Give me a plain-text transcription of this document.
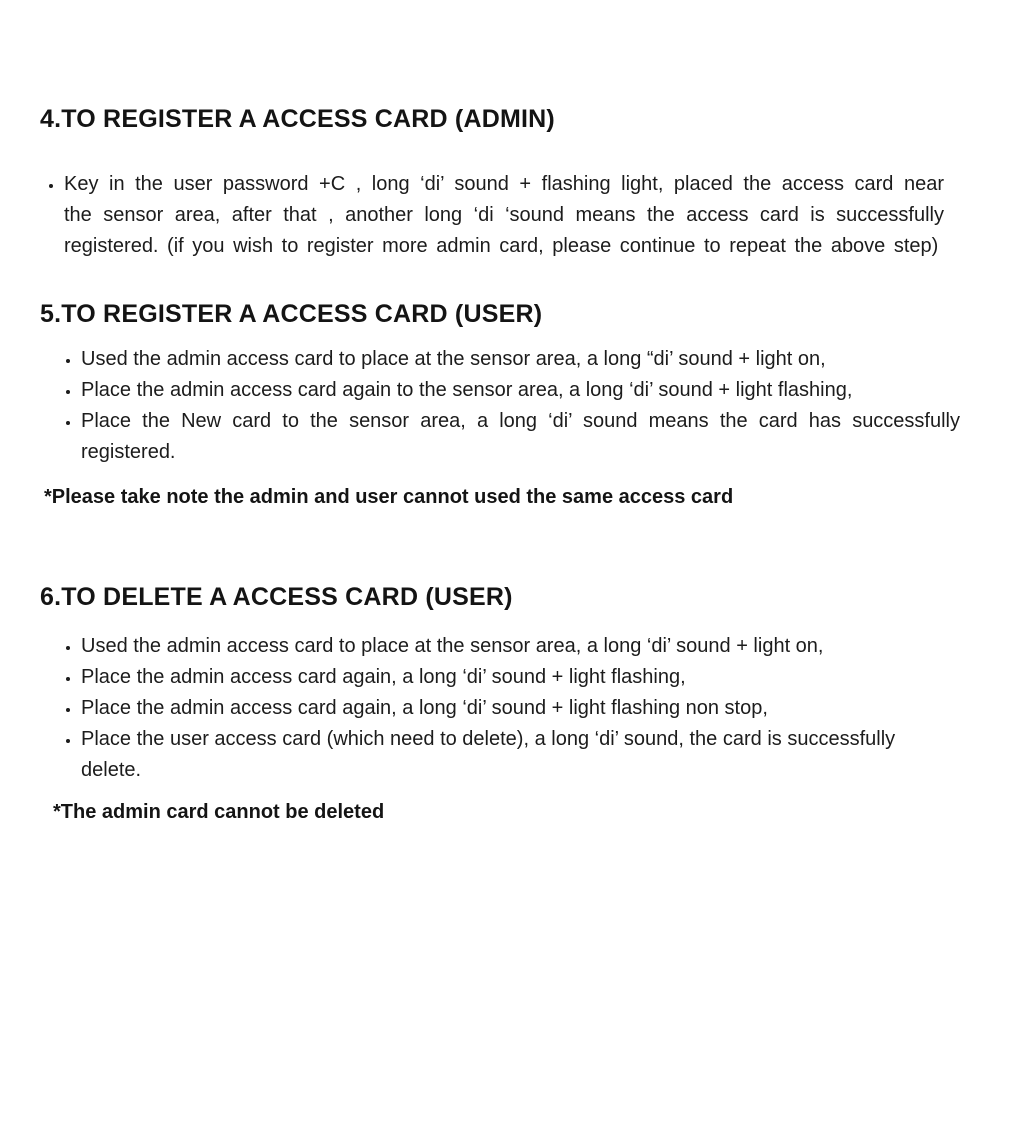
4.TO REGISTER A ACCESS CARD (ADMIN)
• Key in the user password +C , long ‘di’ sound + flashing light, placed the access card near the sensor area, after that , another long ‘di ‘sound means the access card is successfully registered. (if you wish to register more admin card, please continue to repeat the above step)
5.TO REGISTER A ACCESS CARD (USER)
• Used the admin access card to place at the sensor area, a long “di’ sound + light on,
• Place the admin access card again to the sensor area, a long ‘di’ sound + light flashing,
• Place the New card to the sensor area, a long ‘di’ sound means the card has successfully registered.

*Please take note the admin and user cannot used the same access card

6.TO DELETE A ACCESS CARD (USER)
• Used the admin access card to place at the sensor area, a long ‘di’ sound + light on,
• Place the admin access card again, a long ‘di’ sound + light flashing,
• Place the admin access card again, a long ‘di’ sound + light flashing non stop,
• Place the user access card (which need to delete), a long ‘di’ sound, the card is successfully delete.

*The admin card cannot be deleted
